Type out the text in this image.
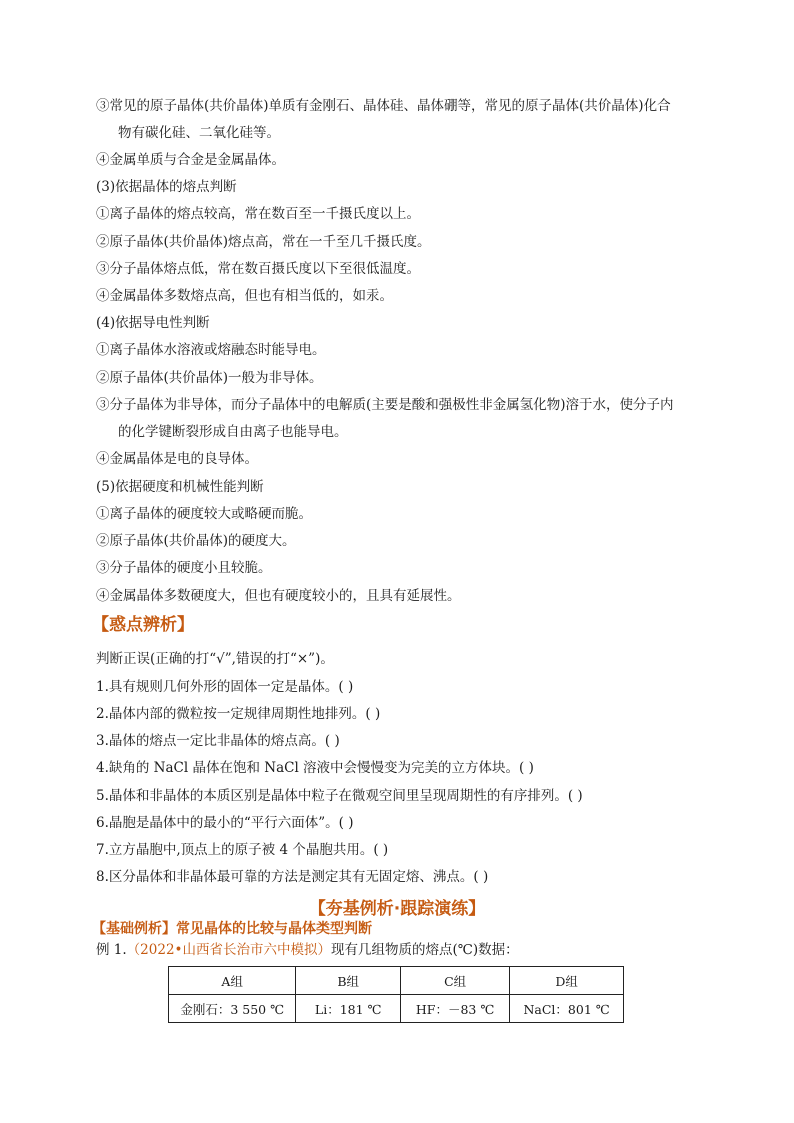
③常见的原子晶体(共价晶体)单质有金刚石、晶体硅、晶体硼等，常见的原子晶体(共价晶体)化合
物有碳化硅、二氧化硅等。
④金属单质与合金是金属晶体。
(3)依据晶体的熔点判断
①离子晶体的熔点较高，常在数百至一千摄氏度以上。
②原子晶体(共价晶体)熔点高，常在一千至几千摄氏度。
③分子晶体熔点低，常在数百摄氏度以下至很低温度。
④金属晶体多数熔点高，但也有相当低的，如汞。
(4)依据导电性判断
①离子晶体水溶液或熔融态时能导电。
②原子晶体(共价晶体)一般为非导体。
③分子晶体为非导体，而分子晶体中的电解质(主要是酸和强极性非金属氢化物)溶于水，使分子内
的化学键断裂形成自由离子也能导电。
④金属晶体是电的良导体。
(5)依据硬度和机械性能判断
①离子晶体的硬度较大或略硬而脆。
②原子晶体(共价晶体)的硬度大。
③分子晶体的硬度小且较脆。
④金属晶体多数硬度大，但也有硬度较小的，且具有延展性。
【惑点辨析】
判断正误(正确的打“√”,错误的打“×”)。
1.具有规则几何外形的固体一定是晶体。( )
2.晶体内部的微粒按一定规律周期性地排列。( )
3.晶体的熔点一定比非晶体的熔点高。( )
4.缺角的 NaCl 晶体在饱和 NaCl 溶液中会慢慢变为完美的立方体块。( )
5.晶体和非晶体的本质区别是晶体中粒子在微观空间里呈现周期性的有序排列。( )
6.晶胞是晶体中的最小的“平行六面体”。( )
7.立方晶胞中,顶点上的原子被 4 个晶胞共用。( )
8.区分晶体和非晶体最可靠的方法是测定其有无固定熔、沸点。( )
【夯基例析·跟踪演练】
【基础例析】常见晶体的比较与晶体类型判断
例 1.（2022•山西省长治市六中模拟）现有几组物质的熔点(℃)数据：
A组	B组	C组	D组
金刚石：3 550 ℃	Li：181 ℃	HF：－83 ℃	NaCl：801 ℃
